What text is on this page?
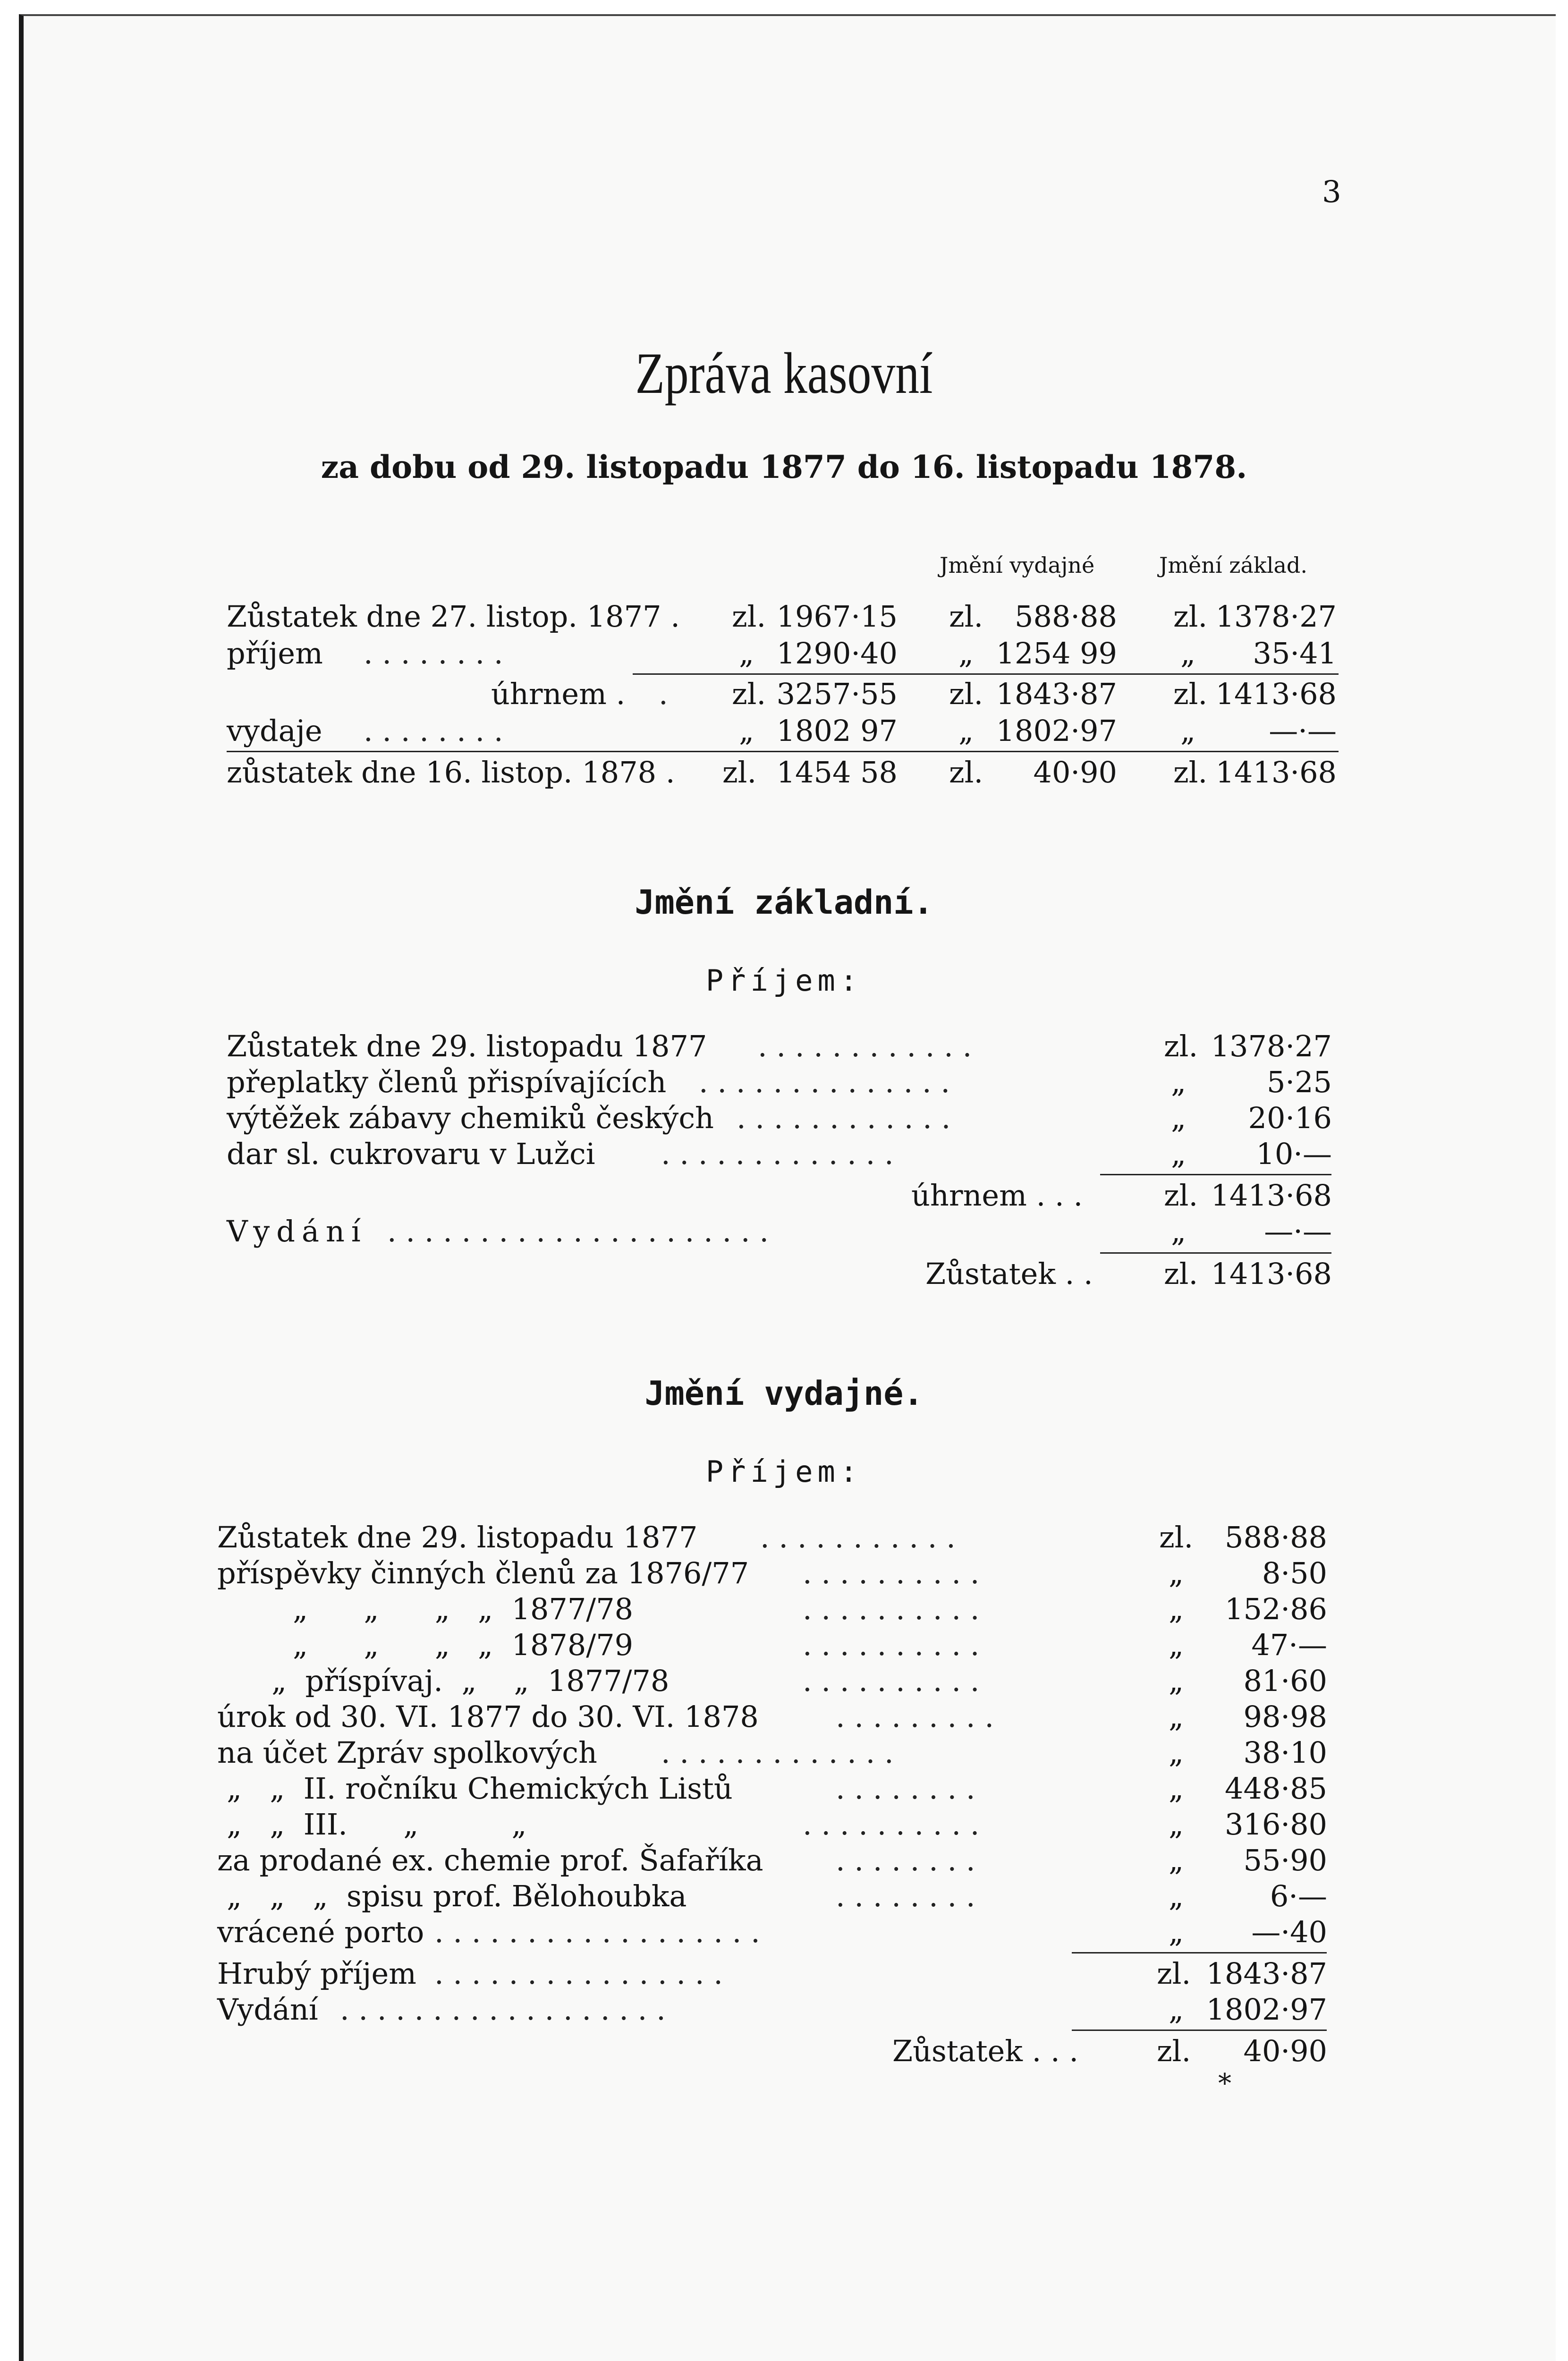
3
Zpráva kasovní
za dobu od 29. listopadu 1877 do 16. listopadu 1878.
Jmění vydajné	Jmění základ.
Zůstatek dne 27. listop. 1877 . zl. 1967·15 zl. 588·88 zl. 1378·27
příjem . . . . . . . .	„ 1290·40 „ 1254 99 „ 35·41
úhrnem . . zl. 3257·55 zl. 1843·87 zl. 1413·68
vydaje . . . . . . . .	„ 1802 97 „ 1802·97 „	—·—
zůstatek dne 16. listop. 1878 . zl. 1454 58 zl. 40·90 zl. 1413·68
Jmění základní.
Příjem:
Zůstatek dne 29. listopadu 1877 . . . . . . . . . . . .	zl. 1378·27
přeplatky členů přispívajících . . . . . . . . . . . . . .	„	5·25
výtěžek zábavy chemiků českých . . . . . . . . . . . .	„ 20·16
dar sl. cukrovaru v Lužci . . . . . . . . . . . . .	„ 10·—
úhrnem . . .	zl. 1413·68
Vydání . . . . . . . . . . . . . . . . . . . . .	„	—·—
Zůstatek . . zl. 1413·68
Jmění vydajné.
Příjem:
Zůstatek dne 29. listopadu 1877 . . . . . . . . . . .	zl. 588·88
příspěvky činných členů za 1876/77 . . . . . . . . . .	„	8·50
„      „      „   „  1877/78	. . . . . . . . . .	„ 152·86
„      „      „   „  1878/79	. . . . . . . . . .	„ 47·—
„  příspívaj.  „    „  1877/78	. . . . . . . . . .	„ 81·60
úrok od 30. VI. 1877 do 30. VI. 1878	. . . . . . . . .	„ 98·98
na účet Zpráv spolkových . . . . . . . . . . . . .	„ 38·10
„   „  II. ročníku Chemických Listů	. . . . . . . .	„ 448·85
„   „  III.      „          „	. . . . . . . . . .	„ 316·80
za prodané ex. chemie prof. Šafaříka . . . . . . . .	„ 55·90
„   „   „  spisu prof. Bělohoubka	. . . . . . . .	„	6·—
vrácené porto . . . . . . . . . . . . . . . . . .	„ —·40
Hrubý příjem . . . . . . . . . . . . . . . .	zl. 1843·87
Vydání . . . . . . . . . . . . . . . . . .	„ 1802·97
Zůstatek . . .	zl. 40·90
*
